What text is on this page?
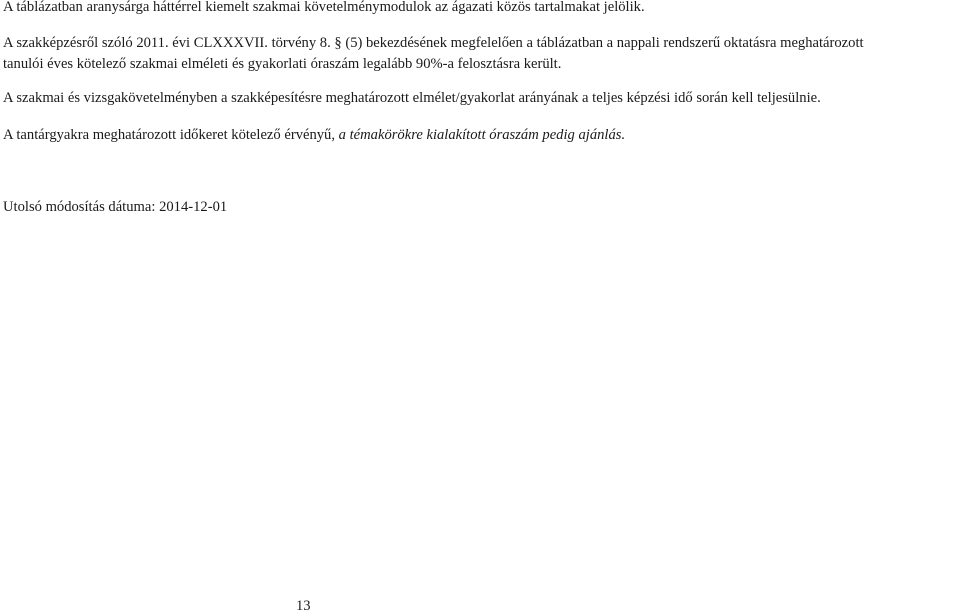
A táblázatban aranysárga háttérrel kiemelt szakmai követelménymodulok az ágazati közös tartalmakat jelölik.

A szakképzésről szóló 2011. évi CLXXXVII. törvény 8. § (5) bekezdésének megfelelően a táblázatban a nappali rendszerű oktatásra meghatározott
tanulói éves kötelező szakmai elméleti és gyakorlati óraszám legalább 90%-a felosztásra került.

A szakmai és vizsgakövetelményben a szakképesítésre meghatározott elmélet/gyakorlat arányának a teljes képzési idő során kell teljesülnie.

A tantárgyakra meghatározott időkeret kötelező érvényű, a témakörökre kialakított óraszám pedig ajánlás.

Utolsó módosítás dátuma: 2014-12-01

13
